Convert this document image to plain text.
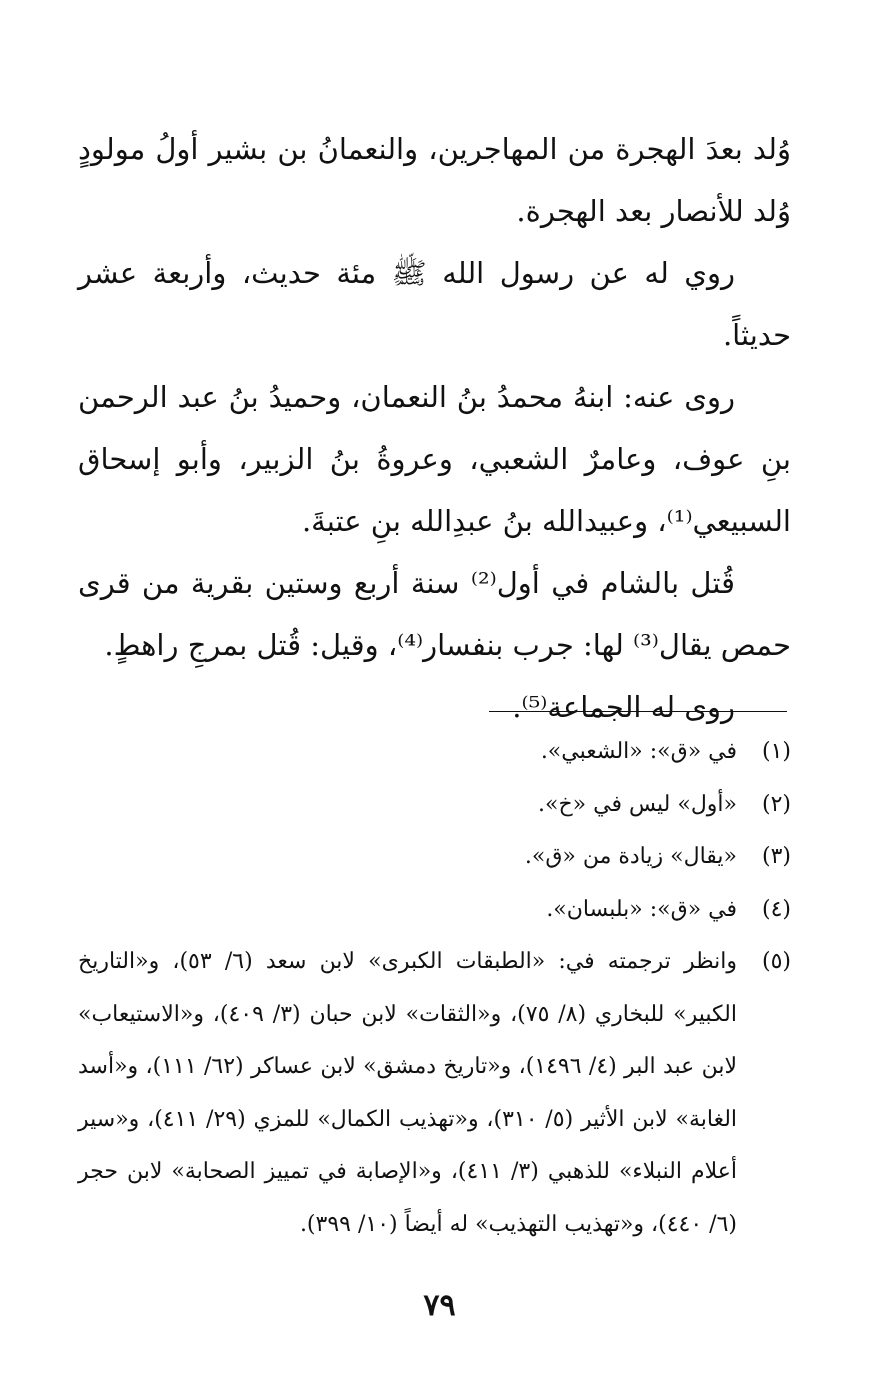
وُلد بعدَ الهجرة من المهاجرين، والنعمانُ بن بشير أولُ مولودٍ وُلد للأنصار بعد الهجرة.

روي له عن رسول الله ﷺ مئة حديث، وأربعة عشر حديثاً.

روى عنه: ابنهُ محمدُ بنُ النعمان، وحميدُ بنُ عبد الرحمن بنِ عوف، وعامرٌ الشعبي، وعروةُ بنُ الزبير، وأبو إسحاق السبيعي⁽¹⁾، وعبيدالله بنُ عبدِالله بنِ عتبةَ.

قُتل بالشام في أول⁽²⁾ سنة أربع وستين بقرية من قرى حمص يقال⁽³⁾ لها: جرب بنفسار⁽⁴⁾، وقيل: قُتل بمرجِ راهطٍ.

روى له الجماعة⁽⁵⁾.

(١)
في «ق»: «الشعبي».
(٢)
«أول» ليس في «خ».
(٣)
«يقال» زيادة من «ق».
(٤)
في «ق»: «بلبسان».
(٥)
وانظر ترجمته في: «الطبقات الكبرى» لابن سعد (٦/ ٥٣)، و«التاريخ الكبير» للبخاري (٨/ ٧٥)، و«الثقات» لابن حبان (٣/ ٤٠٩)، و«الاستيعاب» لابن عبد البر (٤/ ١٤٩٦)، و«تاريخ دمشق» لابن عساكر (٦٢/ ١١١)، و«أسد الغابة» لابن الأثير (٥/ ٣١٠)، و«تهذيب الكمال» للمزي (٢٩/ ٤١١)، و«سير أعلام النبلاء» للذهبي (٣/ ٤١١)، و«الإصابة في تمييز الصحابة» لابن حجر (٦/ ٤٤٠)، و«تهذيب التهذيب» له أيضاً (١٠/ ٣٩٩).
٧٩
